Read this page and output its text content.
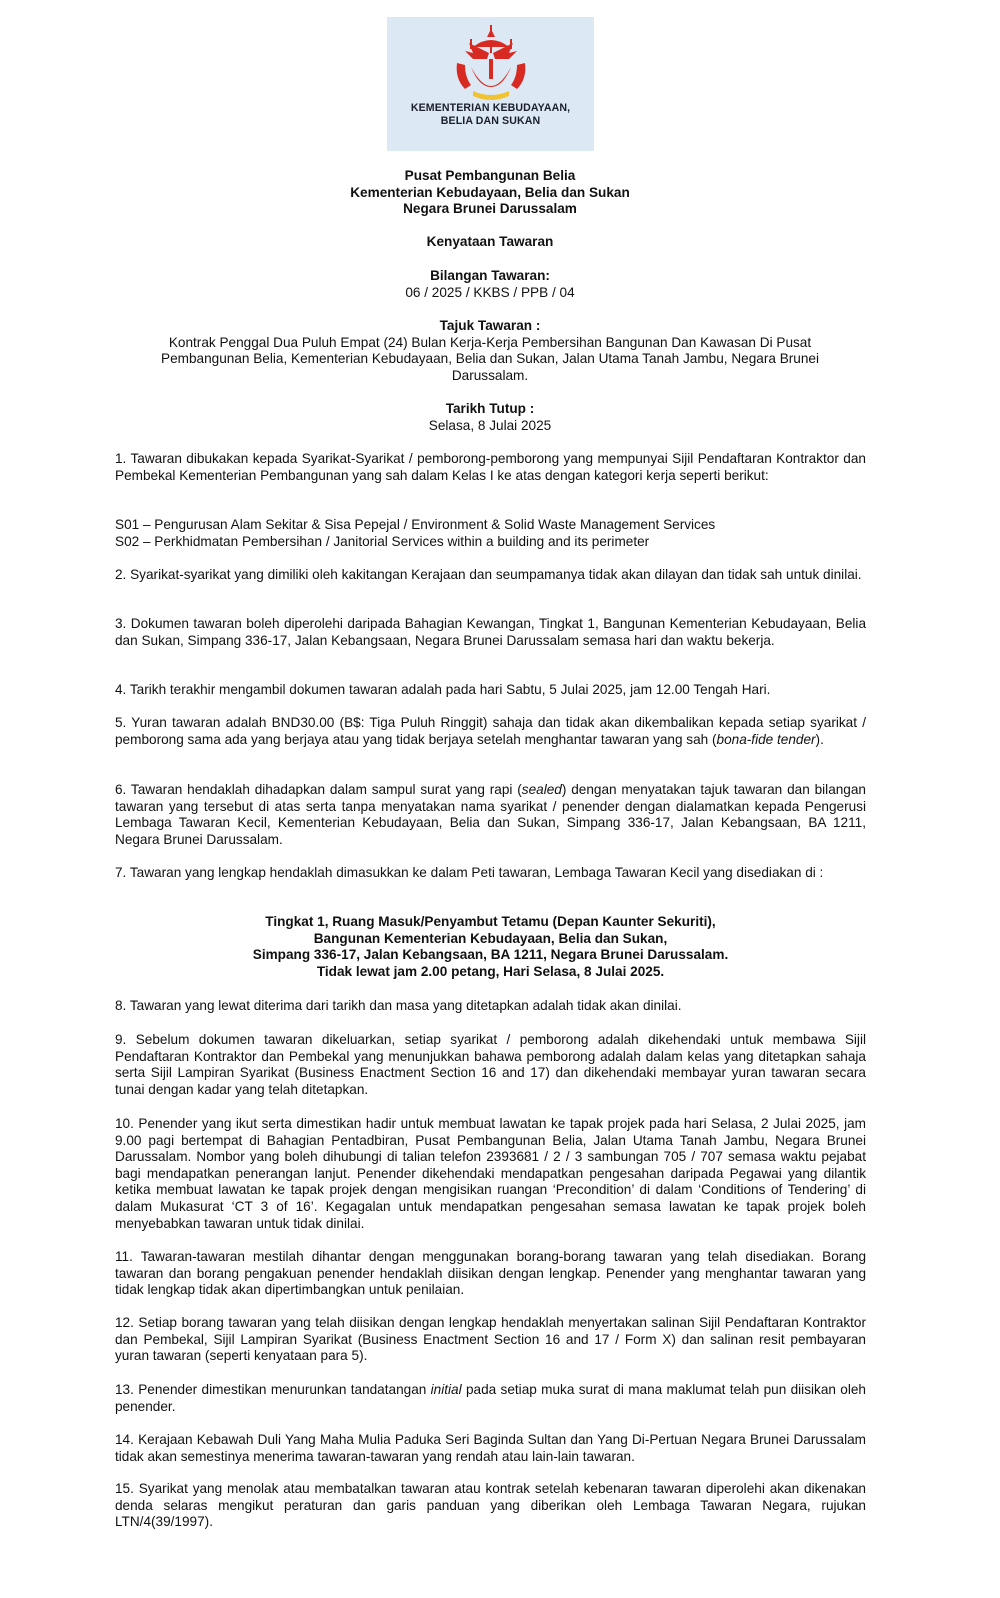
KEMENTERIAN KEBUDAYAAN,
BELIA DAN SUKAN
Pusat Pembangunan Belia
Kementerian Kebudayaan, Belia dan Sukan
Negara Brunei Darussalam
Kenyataan Tawaran
Bilangan Tawaran:
06 / 2025 / KKBS / PPB / 04
Tajuk Tawaran :
Kontrak Penggal Dua Puluh Empat (24) Bulan Kerja-Kerja Pembersihan Bangunan Dan Kawasan Di Pusat
Pembangunan Belia, Kementerian Kebudayaan, Belia dan Sukan, Jalan Utama Tanah Jambu, Negara Brunei
Darussalam.
Tarikh Tutup :
Selasa, 8 Julai 2025

1. Tawaran dibukakan kepada Syarikat-Syarikat / pemborong-pemborong yang mempunyai Sijil Pendaftaran Kontraktor dan Pembekal Kementerian Pembangunan yang sah dalam Kelas I ke atas dengan kategori kerja seperti berikut:

S01 – Pengurusan Alam Sekitar & Sisa Pepejal / Environment & Solid Waste Management Services

S02 – Perkhidmatan Pembersihan / Janitorial Services within a building and its perimeter

2. Syarikat-syarikat yang dimiliki oleh kakitangan Kerajaan dan seumpamanya tidak akan dilayan dan tidak sah untuk dinilai.

3. Dokumen tawaran boleh diperolehi daripada Bahagian Kewangan, Tingkat 1, Bangunan Kementerian Kebudayaan, Belia dan Sukan, Simpang 336-17, Jalan Kebangsaan, Negara Brunei Darussalam semasa hari dan waktu bekerja.

4. Tarikh terakhir mengambil dokumen tawaran adalah pada hari Sabtu, 5 Julai 2025, jam 12.00 Tengah Hari.

5. Yuran tawaran adalah BND30.00 (B$: Tiga Puluh Ringgit) sahaja dan tidak akan dikembalikan kepada setiap syarikat / pemborong sama ada yang berjaya atau yang tidak berjaya setelah menghantar tawaran yang sah (bona-fide tender).

6. Tawaran hendaklah dihadapkan dalam sampul surat yang rapi (sealed) dengan menyatakan tajuk tawaran dan bilangan tawaran yang tersebut di atas serta tanpa menyatakan nama syarikat / penender dengan dialamatkan kepada Pengerusi Lembaga Tawaran Kecil, Kementerian Kebudayaan, Belia dan Sukan, Simpang 336-17, Jalan Kebangsaan, BA 1211, Negara Brunei Darussalam.

7. Tawaran yang lengkap hendaklah dimasukkan ke dalam Peti tawaran, Lembaga Tawaran Kecil yang disediakan di :

Tingkat 1, Ruang Masuk/Penyambut Tetamu (Depan Kaunter Sekuriti),
Bangunan Kementerian Kebudayaan, Belia dan Sukan,
Simpang 336-17, Jalan Kebangsaan, BA 1211, Negara Brunei Darussalam.
Tidak lewat jam 2.00 petang, Hari Selasa, 8 Julai 2025.

8. Tawaran yang lewat diterima dari tarikh dan masa yang ditetapkan adalah tidak akan dinilai.

9. Sebelum dokumen tawaran dikeluarkan, setiap syarikat / pemborong adalah dikehendaki untuk membawa Sijil Pendaftaran Kontraktor dan Pembekal yang menunjukkan bahawa pemborong adalah dalam kelas yang ditetapkan sahaja serta Sijil Lampiran Syarikat (Business Enactment Section 16 and 17) dan dikehendaki membayar yuran tawaran secara tunai dengan kadar yang telah ditetapkan.

10. Penender yang ikut serta dimestikan hadir untuk membuat lawatan ke tapak projek pada hari Selasa, 2 Julai 2025, jam 9.00 pagi bertempat di Bahagian Pentadbiran, Pusat Pembangunan Belia, Jalan Utama Tanah Jambu, Negara Brunei Darussalam. Nombor yang boleh dihubungi di talian telefon 2393681 / 2 / 3 sambungan 705 / 707 semasa waktu pejabat bagi mendapatkan penerangan lanjut. Penender dikehendaki mendapatkan pengesahan daripada Pegawai yang dilantik ketika membuat lawatan ke tapak projek dengan mengisikan ruangan ‘Precondition’ di dalam ‘Conditions of Tendering’ di dalam Mukasurat ‘CT 3 of 16’. Kegagalan untuk mendapatkan pengesahan semasa lawatan ke tapak projek boleh menyebabkan tawaran untuk tidak dinilai.

11. Tawaran-tawaran mestilah dihantar dengan menggunakan borang-borang tawaran yang telah disediakan. Borang tawaran dan borang pengakuan penender hendaklah diisikan dengan lengkap. Penender yang menghantar tawaran yang tidak lengkap tidak akan dipertimbangkan untuk penilaian.

12. Setiap borang tawaran yang telah diisikan dengan lengkap hendaklah menyertakan salinan Sijil Pendaftaran Kontraktor dan Pembekal, Sijil Lampiran Syarikat (Business Enactment Section 16 and 17 / Form X) dan salinan resit pembayaran yuran tawaran (seperti kenyataan para 5).

13. Penender dimestikan menurunkan tandatangan initial pada setiap muka surat di mana maklumat telah pun diisikan oleh penender.

14. Kerajaan Kebawah Duli Yang Maha Mulia Paduka Seri Baginda Sultan dan Yang Di-Pertuan Negara Brunei Darussalam tidak akan semestinya menerima tawaran-tawaran yang rendah atau lain-lain tawaran.

15. Syarikat yang menolak atau membatalkan tawaran atau kontrak setelah kebenaran tawaran diperolehi akan dikenakan denda selaras mengikut peraturan dan garis panduan yang diberikan oleh Lembaga Tawaran Negara, rujukan LTN/4(39/1997).
